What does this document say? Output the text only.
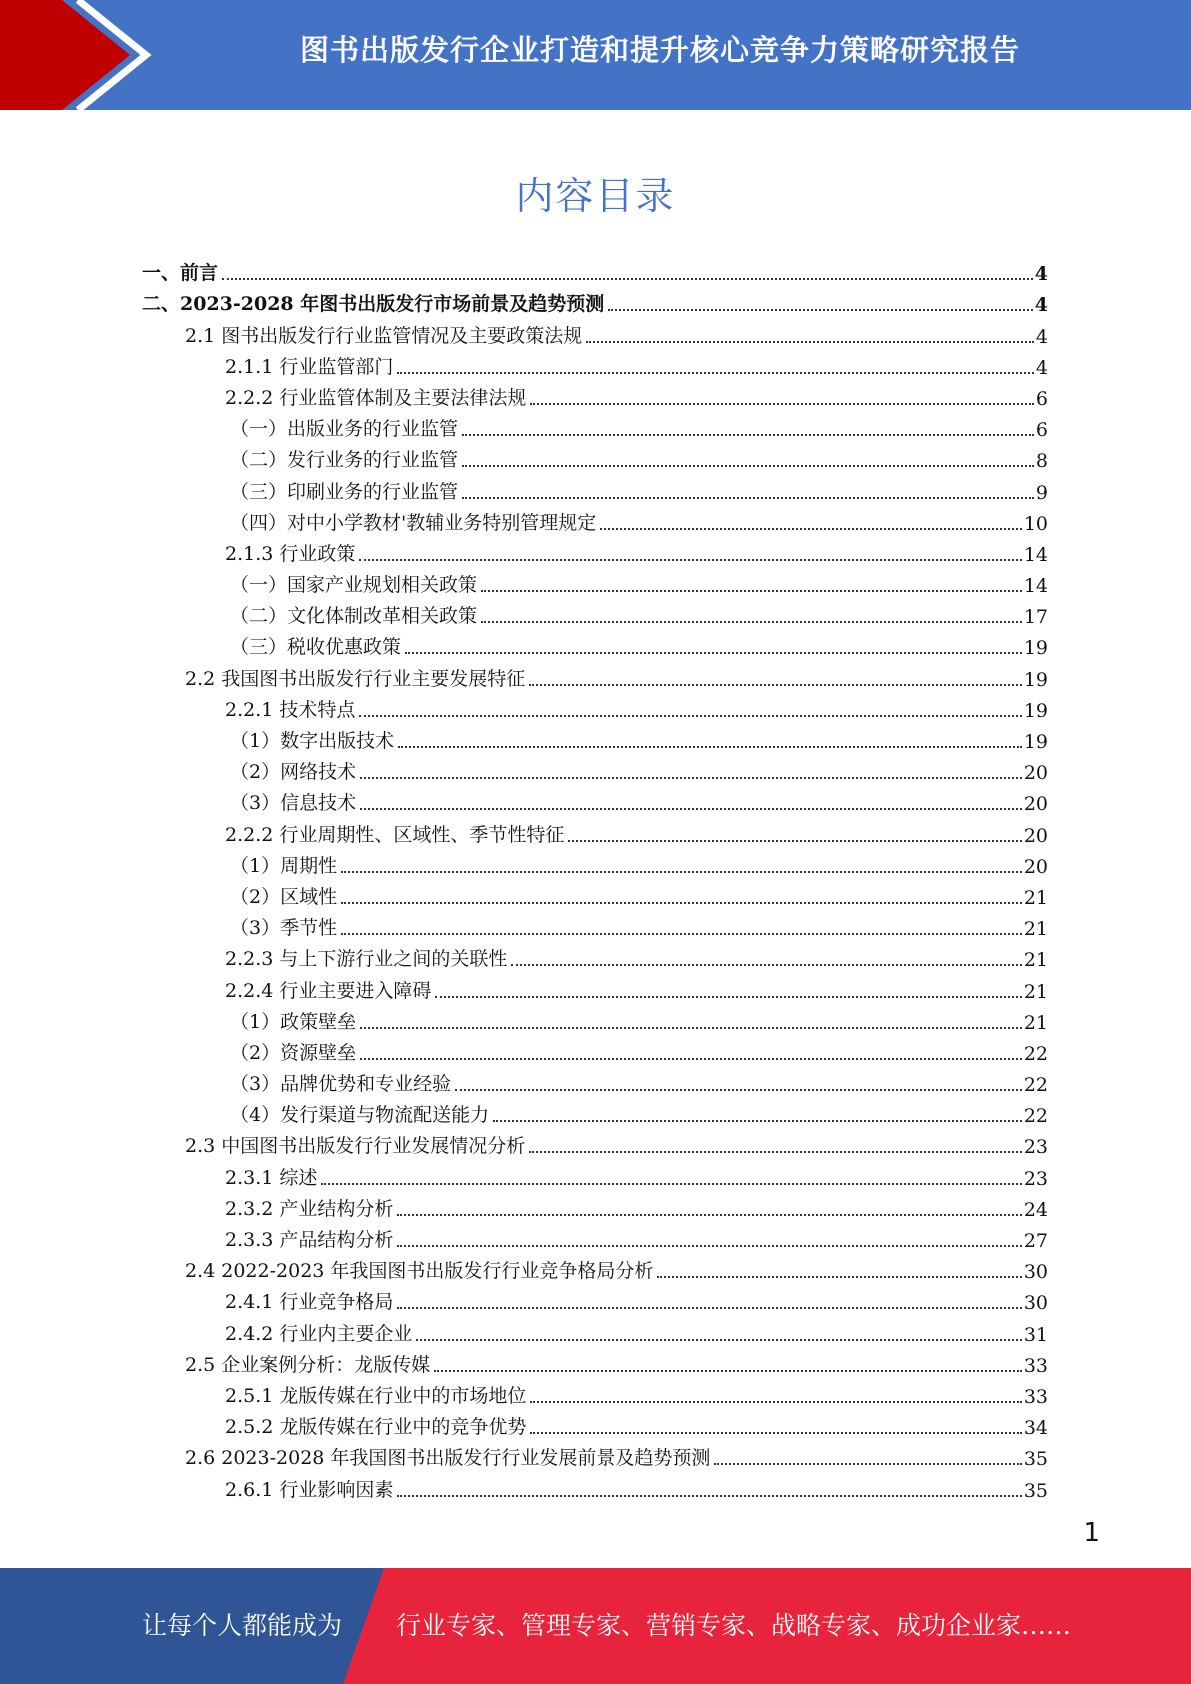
图书出版发行企业打造和提升核心竞争力策略研究报告
内容目录
一、前言	4
二、2023-2028 年图书出版发行市场前景及趋势预测	4
2.1 图书出版发行行业监管情况及主要政策法规	4
2.1.1 行业监管部门	4
2.2.2 行业监管体制及主要法律法规	6
（一）出版业务的行业监管	6
（二）发行业务的行业监管	8
（三）印刷业务的行业监管	9
（四）对中小学教材'教辅业务特别管理规定	10
2.1.3 行业政策	14
（一）国家产业规划相关政策	14
（二）文化体制改革相关政策	17
（三）税收优惠政策	19
2.2 我国图书出版发行行业主要发展特征	19
2.2.1 技术特点	19
（1）数字出版技术	19
（2）网络技术	20
（3）信息技术	20
2.2.2 行业周期性、区域性、季节性特征	20
（1）周期性	20
（2）区域性	21
（3）季节性	21
2.2.3 与上下游行业之间的关联性	21
2.2.4 行业主要进入障碍	21
（1）政策壁垒	21
（2）资源壁垒	22
（3）品牌优势和专业经验	22
（4）发行渠道与物流配送能力	22
2.3 中国图书出版发行行业发展情况分析	23
2.3.1 综述	23
2.3.2 产业结构分析	24
2.3.3 产品结构分析	27
2.4 2022-2023 年我国图书出版发行行业竞争格局分析	30
2.4.1 行业竞争格局	30
2.4.2 行业内主要企业	31
2.5 企业案例分析：龙版传媒	33
2.5.1 龙版传媒在行业中的市场地位	33
2.5.2 龙版传媒在行业中的竞争优势	34
2.6 2023-2028 年我国图书出版发行行业发展前景及趋势预测	35
2.6.1 行业影响因素	35
1
让每个人都能成为 行业专家、管理专家、营销专家、战略专家、成功企业家……
